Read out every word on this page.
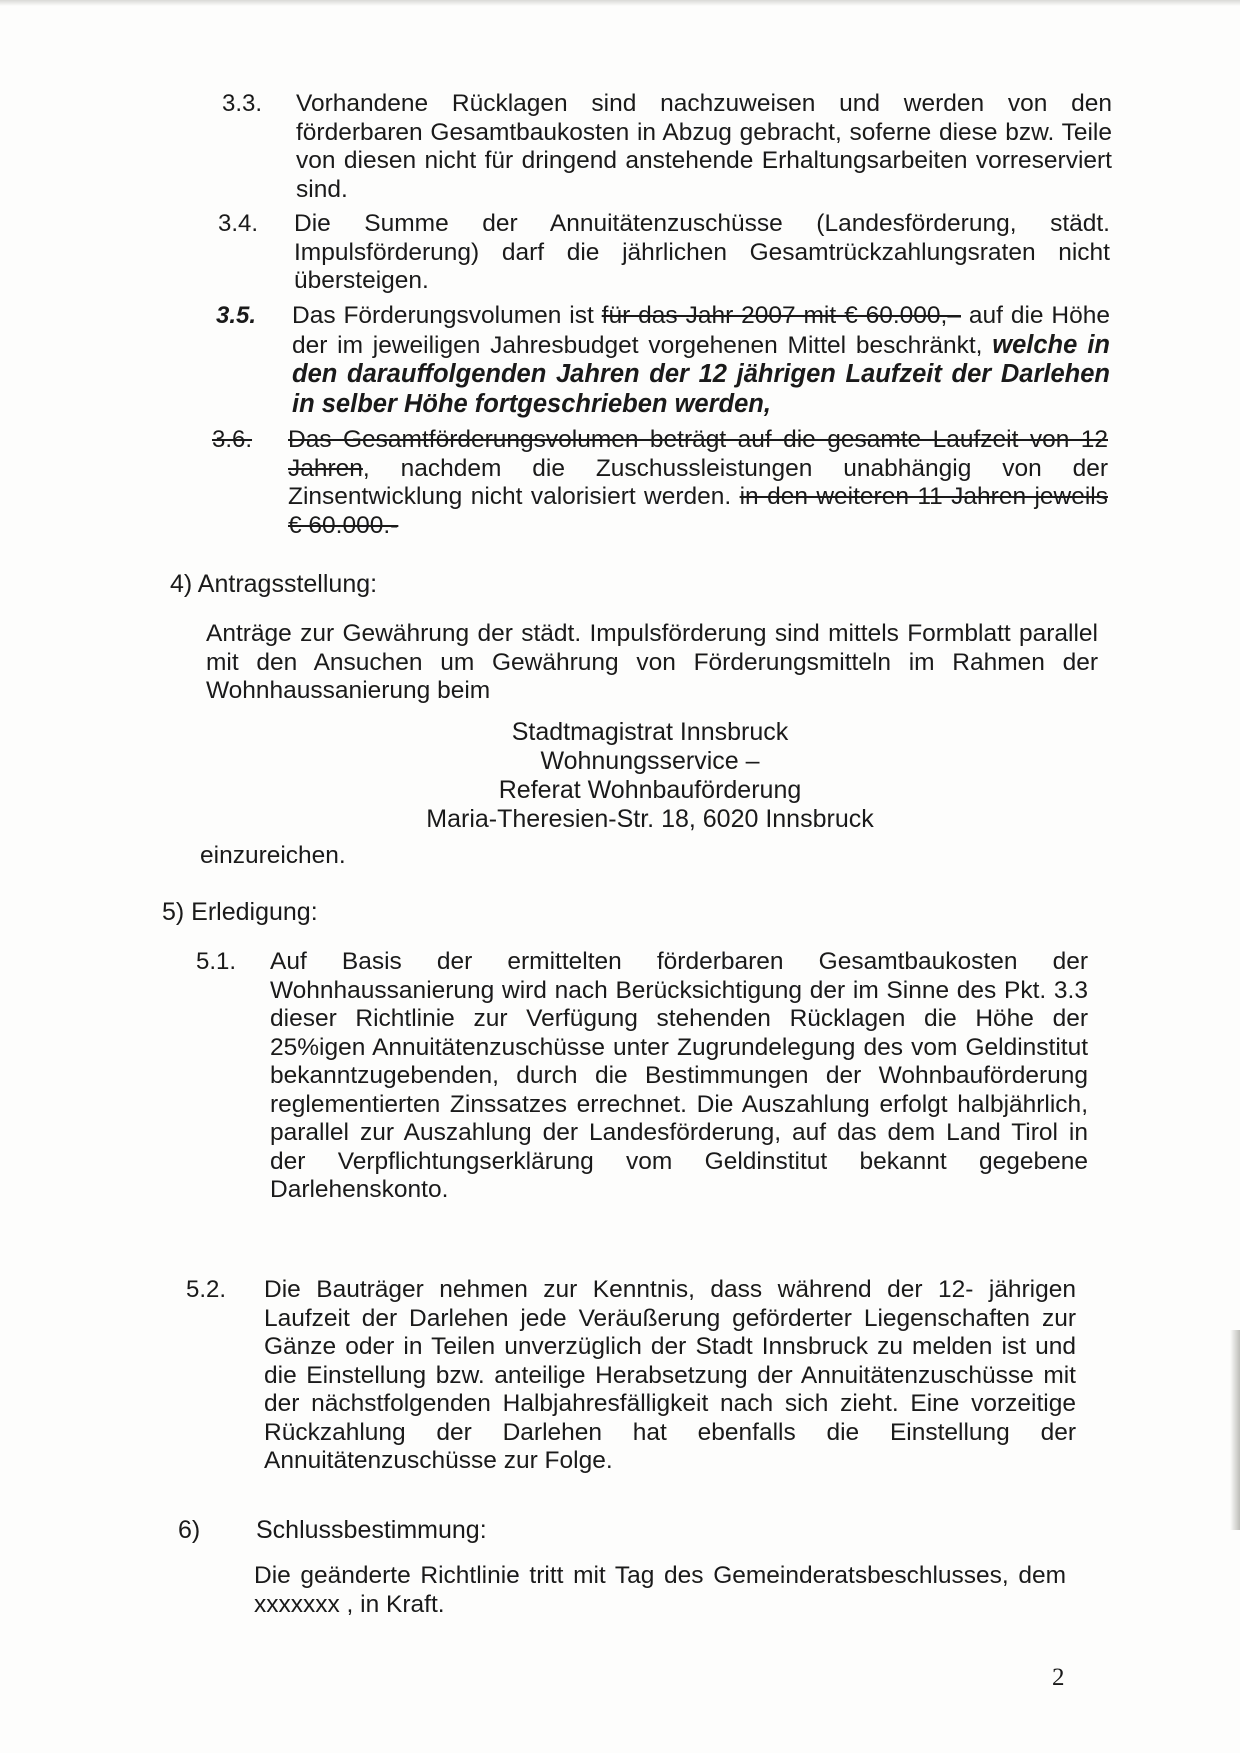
3.3. Vorhandene Rücklagen sind nachzuweisen und werden von den förderbaren Gesamtbaukosten in Abzug gebracht, soferne diese bzw. Teile von diesen nicht für dringend anstehende Erhaltungsarbeiten vorreserviert sind.
3.4. Die Summe der Annuitätenzuschüsse (Landesförderung, städt. Impulsförderung) darf die jährlichen Gesamtrückzahlungsraten nicht übersteigen.
3.5. Das Förderungsvolumen ist für das Jahr 2007 mit € 60.000,– auf die Höhe der im jeweiligen Jahresbudget vorgehenen Mittel beschränkt, welche in den darauffolgenden Jahren der 12 jährigen Laufzeit der Darlehen in selber Höhe fortgeschrieben werden,
3.6. Das Gesamtförderungsvolumen beträgt auf die gesamte Laufzeit von 12 Jahren, nachdem die Zuschussleistungen unabhängig von der Zinsentwicklung nicht valorisiert werden. in den weiteren 11 Jahren jeweils € 60.000.-
4) Antragsstellung:
Anträge zur Gewährung der städt. Impulsförderung sind mittels Formblatt parallel mit den Ansuchen um Gewährung von Förderungsmitteln im Rahmen der Wohnhaussanierung beim
Stadtmagistrat Innsbruck
Wohnungsservice –
Referat Wohnbauförderung
Maria-Theresien-Str. 18, 6020 Innsbruck
einzureichen.
5) Erledigung:
5.1. Auf Basis der ermittelten förderbaren Gesamtbaukosten der Wohnhaussanierung wird nach Berücksichtigung der im Sinne des Pkt. 3.3 dieser Richtlinie zur Verfügung stehenden Rücklagen die Höhe der 25%igen Annuitätenzuschüsse unter Zugrundelegung des vom Geldinstitut bekanntzugebenden, durch die Bestimmungen der Wohnbauförderung reglementierten Zinssatzes errechnet. Die Auszahlung erfolgt halbjährlich, parallel zur Auszahlung der Landesförderung, auf das dem Land Tirol in der Verpflichtungserklärung vom Geldinstitut bekannt gegebene Darlehenskonto.
5.2. Die Bauträger nehmen zur Kenntnis, dass während der 12- jährigen Laufzeit der Darlehen jede Veräußerung geförderter Liegenschaften zur Gänze oder in Teilen unverzüglich der Stadt Innsbruck zu melden ist und die Einstellung bzw. anteilige Herabsetzung der Annuitätenzuschüsse mit der nächstfolgenden Halbjahresfälligkeit nach sich zieht. Eine vorzeitige Rückzahlung der Darlehen hat ebenfalls die Einstellung der Annuitätenzuschüsse zur Folge.
6) Schlussbestimmung:
Die geänderte Richtlinie tritt mit Tag des Gemeinderatsbeschlusses, dem xxxxxxx , in Kraft.
2
